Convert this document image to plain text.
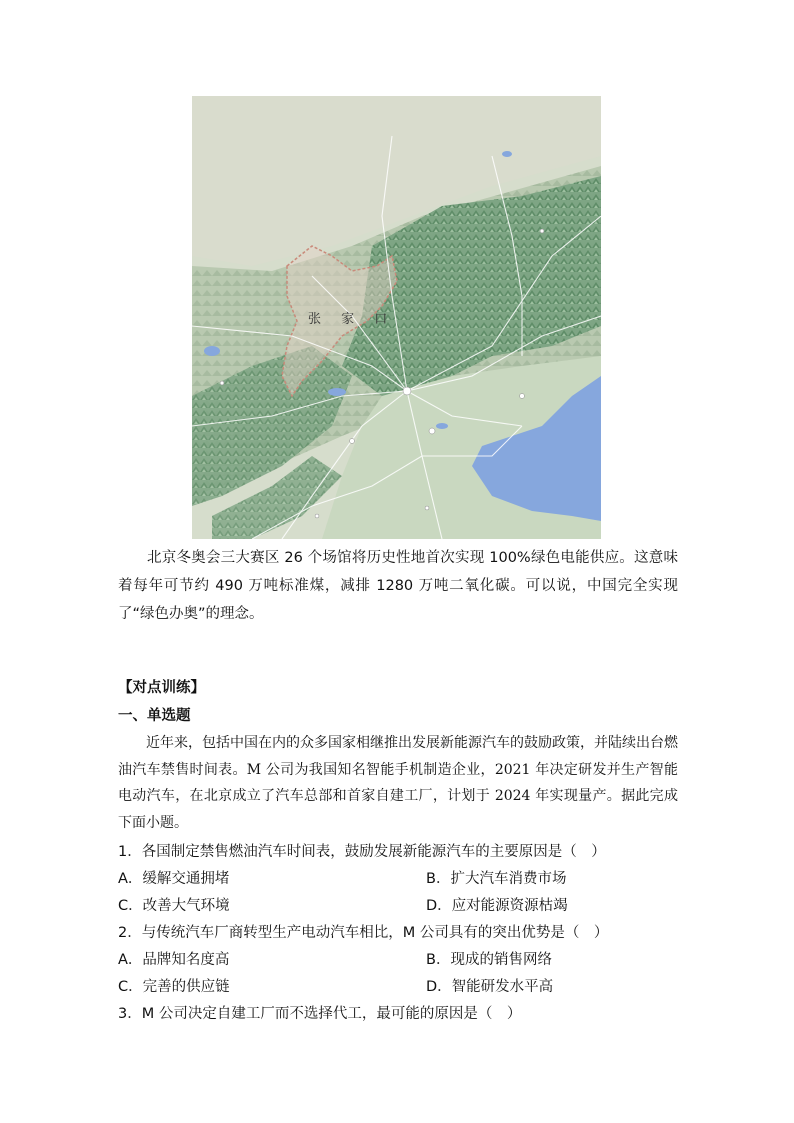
张 家 口

北京冬奥会三大赛区 26 个场馆将历史性地首次实现 100%绿色电能供应。这意味着每年可节约 490 万吨标准煤，减排 1280 万吨二氧化碳。可以说，中国完全实现了“绿色办奥”的理念。

【对点训练】
一、单选题

近年来，包括中国在内的众多国家相继推出发展新能源汽车的鼓励政策，并陆续出台燃油汽车禁售时间表。M 公司为我国知名智能手机制造企业，2021 年决定研发并生产智能电动汽车，在北京成立了汽车总部和首家自建工厂，计划于 2024 年实现量产。据此完成下面小题。

1．各国制定禁售燃油汽车时间表，鼓励发展新能源汽车的主要原因是（　）
A．缓解交通拥堵	B．扩大汽车消费市场
C．改善大气环境	D．应对能源资源枯竭
2．与传统汽车厂商转型生产电动汽车相比，M 公司具有的突出优势是（　）
A．品牌知名度高	B．现成的销售网络
C．完善的供应链	D．智能研发水平高
3．M 公司决定自建工厂而不选择代工，最可能的原因是（　）
